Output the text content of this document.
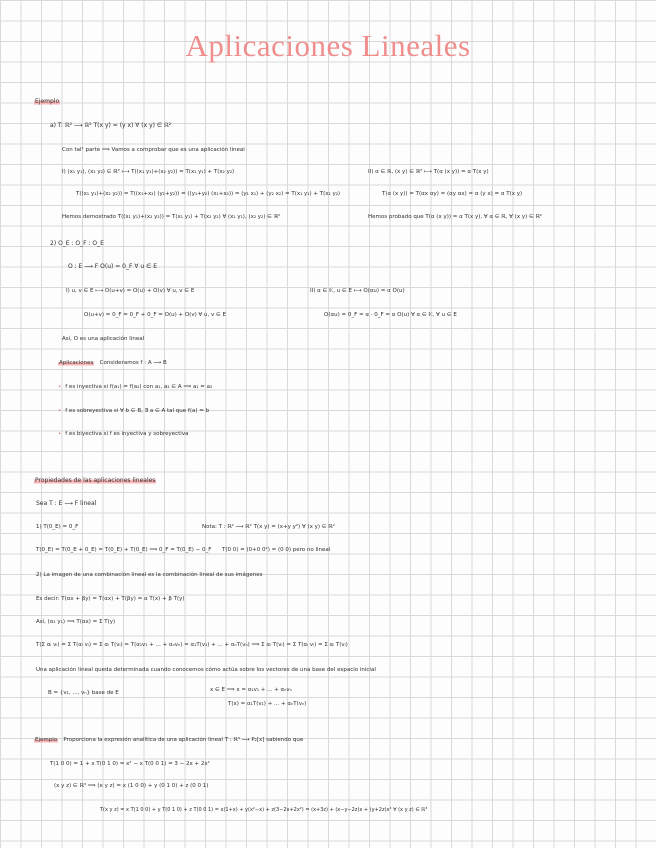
Aplicaciones Lineales
Ejemplo
a) T: ℝ² ⟶ ℝ² T(x y) = (y x) ∀ (x y) ∈ ℝ²
Con tal¹ parte ⟹ Vamos a comprobar que es una aplicación lineal
I) (x₁ y₁), (x₂ y₂) ∈ ℝ² ⟼ T((x₁ y₁)+(x₂ y₂)) = T(x₁ y₁) + T(x₂ y₂)
T((x₁ y₁)+(x₂ y₂)) = T((x₁+x₂) (y₁+y₂)) = ((y₁+y₂) (x₁+x₂)) = (y₁ x₁) + (y₂ x₂) = T(x₁ y₁) + T(x₂ y₂)
Hemos demostrado T((x₁ y₁)+(x₂ y₂)) = T(x₁ y₁) + T(x₂ y₂) ∀ (x₁ y₁), (x₂ y₂) ∈ ℝ²
II) α ∈ ℝ, (x y) ∈ ℝ² ⟼ T(α (x y)) = α T(x y)
T(α (x y)) = T(αx αy) = (αy αx) = α (y x) = α T(x y)
Hemos probado que T(α (x y)) = α T(x y), ∀ α ∈ ℝ, ∀ (x y) ∈ ℝ²
2) O_E : O_F : O_E
O : E ⟶ F O(u) = 0_F ∀ u ∈ E
I) u, v ∈ E ⟼ O(u+v) = O(u) + O(v) ∀ u, v ∈ E
O(u+v) = 0_F = 0_F + 0_F = O(u) + O(v) ∀ u, v ∈ E
II) α ∈ 𝕂, u ∈ E ⟼ O(αu) = α O(u)
O(αu) = 0_F = α · 0_F = α O(u) ∀ α ∈ 𝕂, ∀ u ∈ E
Así, O es una aplicación lineal
Aplicaciones Consideramos f : A ⟶ B
• f es inyectiva si f(a₁) = f(a₂) con a₁, a₂ ∈ A ⟹ a₁ = a₂
• f es sobreyectiva si ∀ b ∈ B, ∃ a ∈ A tal que f(a) = b
• f es biyectiva si f es inyectiva y sobreyectiva
Propiedades de las aplicaciones lineales
Sea T : E ⟶ F lineal
1) T(0_E) = 0_F
T(0_E) = T(0_E + 0_E) = T(0_E) + T(0_E) ⟹ 0_F = T(0_E) − 0_F
Nota: T : ℝ² ⟶ ℝ² T(x y) = (x+y y²) ∀ (x y) ∈ ℝ²
T(0 0) = (0+0 0²) = (0 0) pero no lineal
2) La imagen de una combinación lineal es la combinación lineal de sus imágenes
Es decir: T(αx + βy) = T(αx) + T(βy) = α T(x) + β T(y)
Así, (α₁ y₁) ⟹ T(αx) = Σ T(y)
T(Σ αᵢ vᵢ) = Σ T(αᵢ vᵢ) = Σ αᵢ T(vᵢ) = T(α₁v₁ + ... + αₙvₙ) = α₁T(v₁) + ... + αₙT(vₙ) ⟹ Σ αᵢ T(vᵢ) = Σ T(αᵢ vᵢ) = Σ αᵢ T(vᵢ)
Una aplicación lineal queda determinada cuando conocemos cómo actúa sobre los vectores de una base del espacio inicial
B = {v₁, ..., vₙ} base de E	x ∈ E ⟹ x = α₁v₁ + ... + αₙvₙ
T(x) = α₁T(v₁) + ... + αₙT(vₙ)
Ejemplo Proporciona la expresión analítica de una aplicación lineal T : ℝ³ ⟶ P₂[x] sabiendo que
T(1 0 0) = 1 + x T(0 1 0) = x² − x T(0 0 1) = 3 − 2x + 2x²
(x y z) ∈ ℝ³ ⟹ (x y z) = x (1 0 0) + y (0 1 0) + z (0 0 1)
T(x y z) = x T(1 0 0) + y T(0 1 0) + z T(0 0 1) = x(1+x) + y(x²−x) + z(3−2x+2x²) = (x+3z) + (x−y−2z)x + (y+2z)x² ∀ (x y z) ∈ ℝ³
